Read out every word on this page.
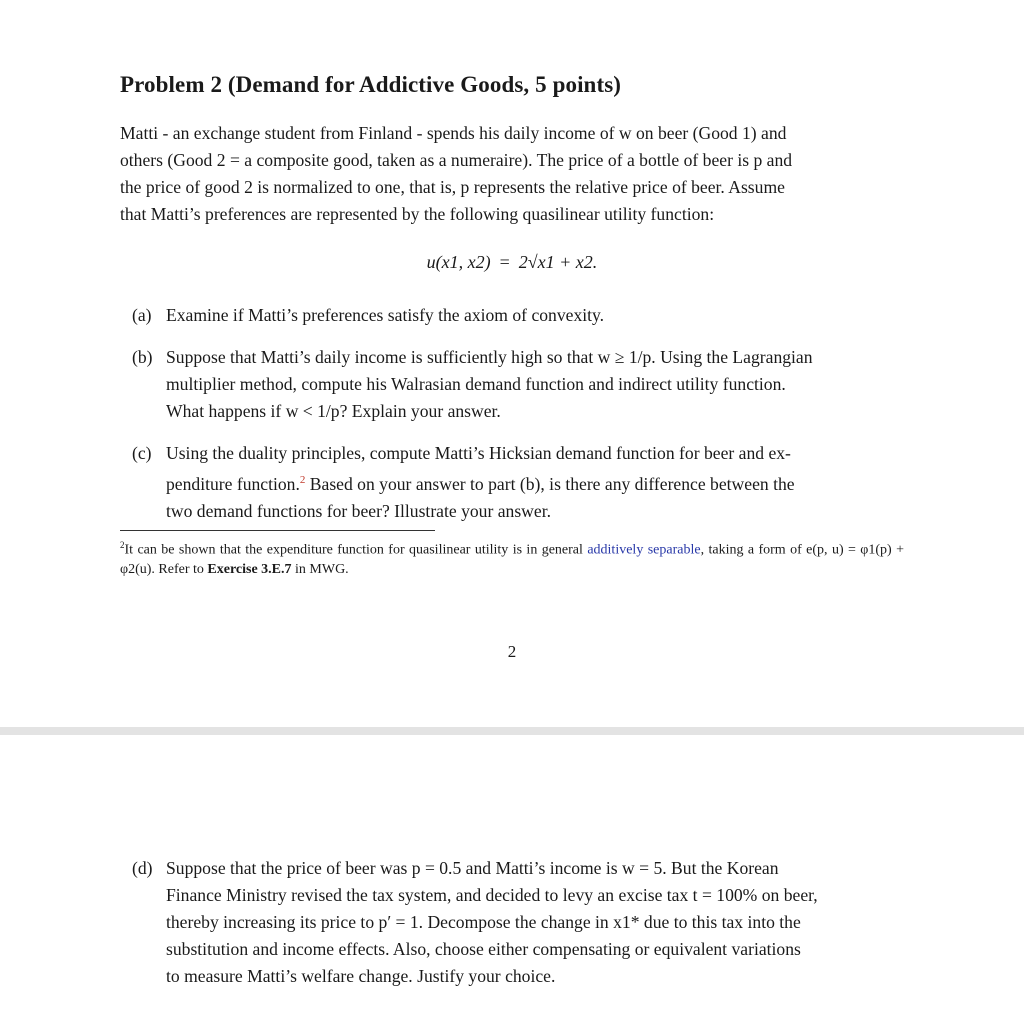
Problem 2 (Demand for Addictive Goods, 5 points)
Matti - an exchange student from Finland - spends his daily income of w on beer (Good 1) and
others (Good 2 = a composite good, taken as a numeraire). The price of a bottle of beer is p and
the price of good 2 is normalized to one, that is, p represents the relative price of beer. Assume
that Matti’s preferences are represented by the following quasilinear utility function:
u(x1, x2) = 2√x1 + x2.
(a) Examine if Matti’s preferences satisfy the axiom of convexity.
(b) Suppose that Matti’s daily income is sufficiently high so that w ≥ 1/p. Using the Lagrangian
multiplier method, compute his Walrasian demand function and indirect utility function.
What happens if w < 1/p? Explain your answer.
(c) Using the duality principles, compute Matti’s Hicksian demand function for beer and ex-
penditure function.$^2$ Based on your answer to part (b), is there any difference between the
two demand functions for beer? Illustrate your answer.
$^2$It can be shown that the expenditure function for quasilinear utility is in general additively separable, taking a form of e(p, u) = φ1(p) + φ2(u). Refer to Exercise 3.E.7 in MWG.
2
(d) Suppose that the price of beer was p = 0.5 and Matti’s income is w = 5. But the Korean
Finance Ministry revised the tax system, and decided to levy an excise tax t = 100% on beer,
thereby increasing its price to p′ = 1. Decompose the change in x1* due to this tax into the
substitution and income effects. Also, choose either compensating or equivalent variations
to measure Matti’s welfare change. Justify your choice.
